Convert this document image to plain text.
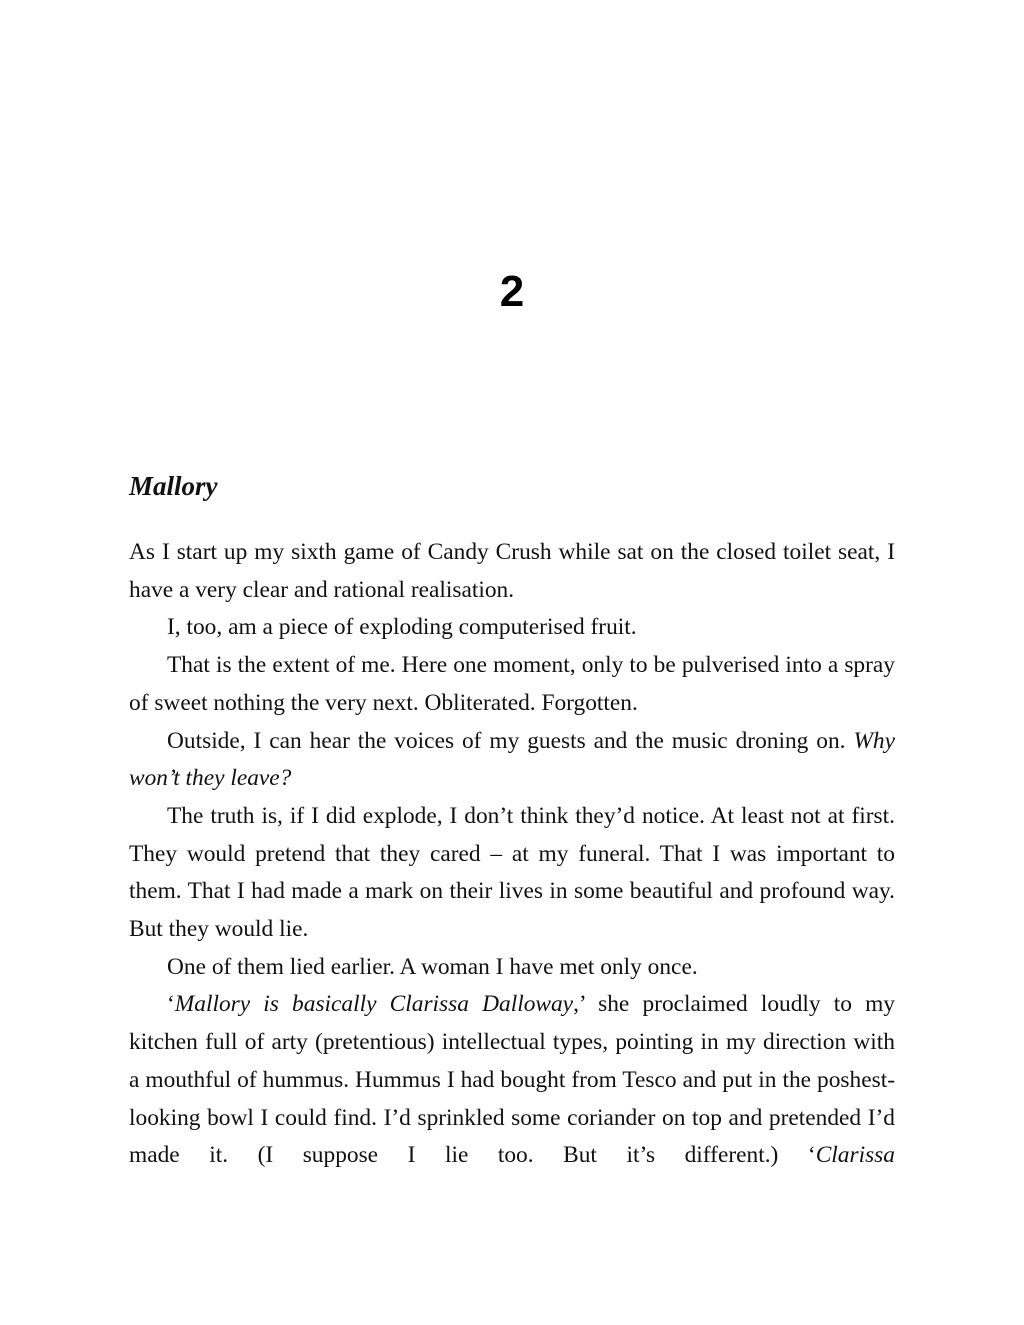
2
Mallory

As I start up my sixth game of Candy Crush while sat on the closed toilet seat, I have a very clear and rational realisation.

I, too, am a piece of exploding computerised fruit.

That is the extent of me. Here one moment, only to be pulverised into a spray of sweet nothing the very next. Obliterated. Forgotten.

Outside, I can hear the voices of my guests and the music droning on. Why won’t they leave?

The truth is, if I did explode, I don’t think they’d notice. At least not at first. They would pretend that they cared – at my funeral. That I was important to them. That I had made a mark on their lives in some beautiful and profound way. But they would lie.

One of them lied earlier. A woman I have met only once.

‘Mallory is basically Clarissa Dalloway,’ she proclaimed loudly to my kitchen full of arty (pretentious) intellectual types, pointing in my direction with a mouthful of hummus. Hummus I had bought from Tesco and put in the poshest-looking bowl I could find. I’d sprinkled some coriander on top and pretended I’d made it. (I suppose I lie too. But it’s different.) ‘Clarissa
